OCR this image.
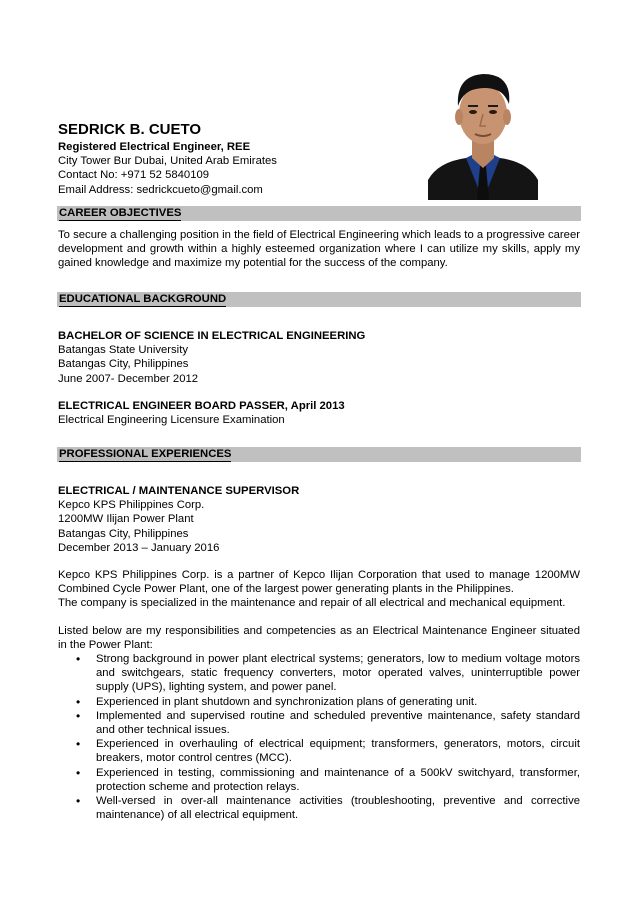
SEDRICK B. CUETO
Registered Electrical Engineer, REE
City Tower Bur Dubai, United Arab Emirates
Contact No: +971 52 5840109
Email Address: sedrickcueto@gmail.com
CAREER OBJECTIVES
To secure a challenging position in the field of Electrical Engineering which leads to a progressive career development and growth within a highly esteemed organization where I can utilize my skills, apply my gained knowledge and maximize my potential for the success of the company.
EDUCATIONAL BACKGROUND
BACHELOR OF SCIENCE IN ELECTRICAL ENGINEERING
Batangas State University
Batangas City, Philippines
June 2007- December 2012
ELECTRICAL ENGINEER BOARD PASSER, April 2013
Electrical Engineering Licensure Examination
PROFESSIONAL EXPERIENCES
ELECTRICAL / MAINTENANCE SUPERVISOR
Kepco KPS Philippines Corp.
1200MW Ilijan Power Plant
Batangas City, Philippines
December 2013 – January 2016
Kepco KPS Philippines Corp. is a partner of Kepco Ilijan Corporation that used to manage 1200MW Combined Cycle Power Plant, one of the largest power generating plants in the Philippines.
The company is specialized in the maintenance and repair of all electrical and mechanical equipment.
Listed below are my responsibilities and competencies as an Electrical Maintenance Engineer situated in the Power Plant:
• Strong background in power plant electrical systems; generators, low to medium voltage motors and switchgears, static frequency converters, motor operated valves, uninterruptible power supply (UPS), lighting system, and power panel.
• Experienced in plant shutdown and synchronization plans of generating unit.
• Implemented and supervised routine and scheduled preventive maintenance, safety standard and other technical issues.
• Experienced in overhauling of electrical equipment; transformers, generators, motors, circuit breakers, motor control centres (MCC).
• Experienced in testing, commissioning and maintenance of a 500kV switchyard, transformer, protection scheme and protection relays.
• Well-versed in over-all maintenance activities (troubleshooting, preventive and corrective maintenance) of all electrical equipment.
